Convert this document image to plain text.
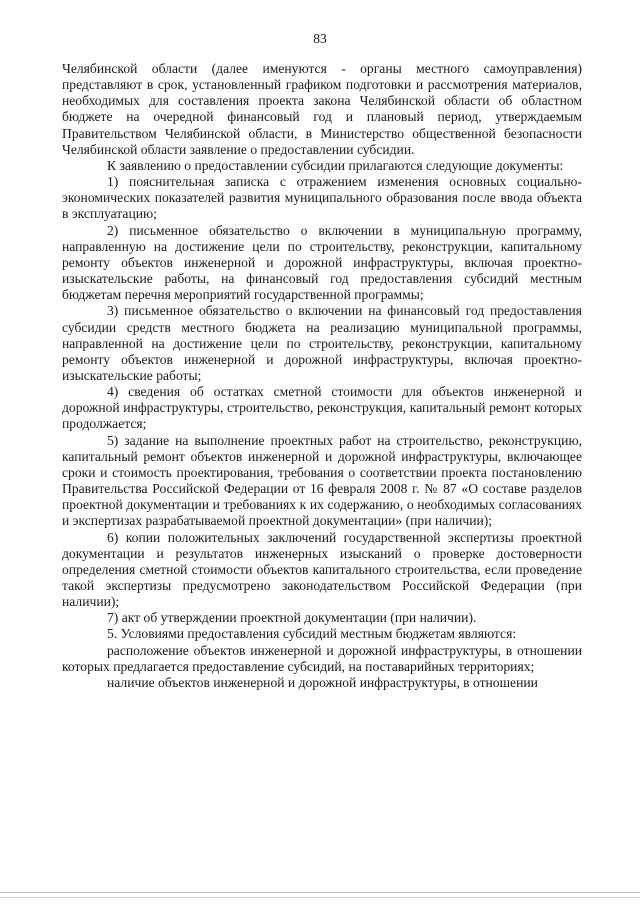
83

Челябинской области (далее именуются - органы местного самоуправления) представляют в срок, установленный графиком подготовки и рассмотрения материалов, необходимых для составления проекта закона Челябинской области об областном бюджете на очередной финансовый год и плановый период, утверждаемым Правительством Челябинской области, в Министерство общественной безопасности Челябинской области заявление о предоставлении субсидии.

К заявлению о предоставлении субсидии прилагаются следующие документы:

1) пояснительная записка с отражением изменения основных социально-экономических показателей развития муниципального образования после ввода объекта в эксплуатацию;

2) письменное обязательство о включении в муниципальную программу, направленную на достижение цели по строительству, реконструкции, капитальному ремонту объектов инженерной и дорожной инфраструктуры, включая проектно-изыскательские работы, на финансовый год предоставления субсидий местным бюджетам перечня мероприятий государственной программы;

3) письменное обязательство о включении на финансовый год предоставления субсидии средств местного бюджета на реализацию муниципальной программы, направленной на достижение цели по строительству, реконструкции, капитальному ремонту объектов инженерной и дорожной инфраструктуры, включая проектно-изыскательские работы;

4) сведения об остатках сметной стоимости для объектов инженерной и дорожной инфраструктуры, строительство, реконструкция, капитальный ремонт которых продолжается;

5) задание на выполнение проектных работ на строительство, реконструкцию, капитальный ремонт объектов инженерной и дорожной инфраструктуры, включающее сроки и стоимость проектирования, требования о соответствии проекта постановлению Правительства Российской Федерации от 16 февраля 2008 г. № 87 «О составе разделов проектной документации и требованиях к их содержанию, о необходимых согласованиях и экспертизах разрабатываемой проектной документации» (при наличии);

6) копии положительных заключений государственной экспертизы проектной документации и результатов инженерных изысканий о проверке достоверности определения сметной стоимости объектов капитального строительства, если проведение такой экспертизы предусмотрено законодательством Российской Федерации (при наличии);

7) акт об утверждении проектной документации (при наличии).

5. Условиями предоставления субсидий местным бюджетам являются:

расположение объектов инженерной и дорожной инфраструктуры, в отношении которых предлагается предоставление субсидий, на поставарийных территориях;

наличие объектов инженерной и дорожной инфраструктуры, в отношении
